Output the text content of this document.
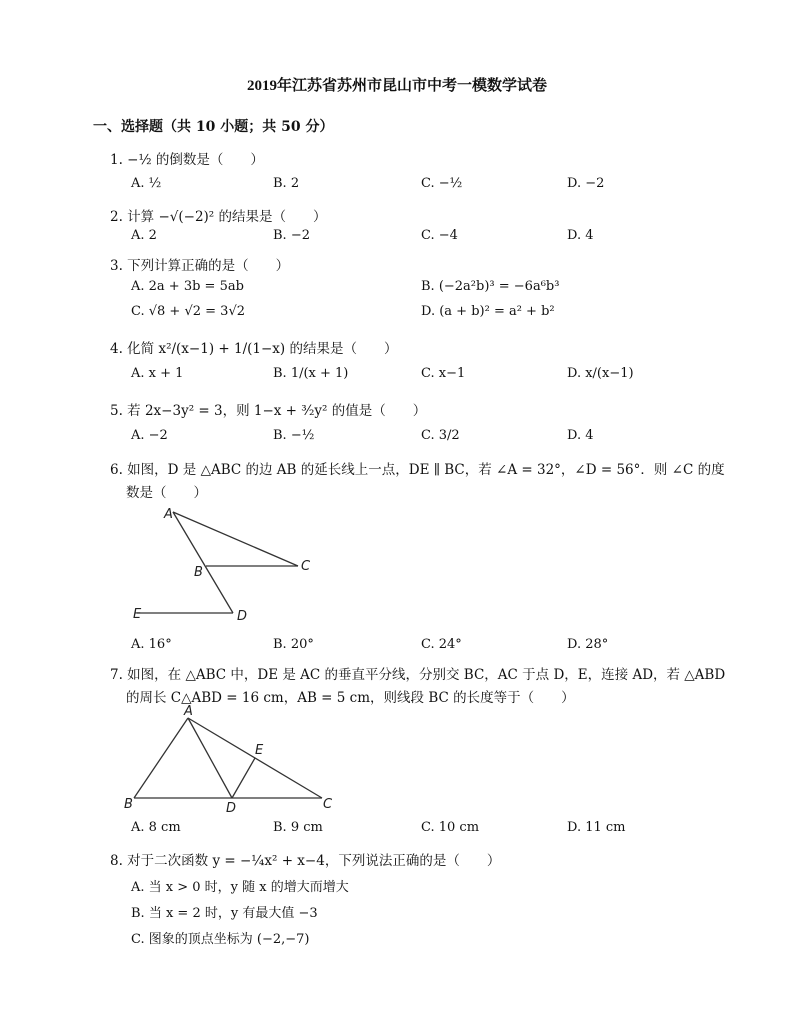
2019年江苏省苏州市昆山市中考一模数学试卷
一、选择题（共 10 小题；共 50 分）
1. −½ 的倒数是（　　）
A. ½	B. 2	C. −½	D. −2
2. 计算 −√(−2)² 的结果是（　　）
A. 2	B. −2	C. −4	D. 4
3. 下列计算正确的是（　　）
A. 2a + 3b = 5ab	B. (−2a²b)³ = −6a⁶b³
C. √8 + √2 = 3√2	D. (a + b)² = a² + b²
4. 化简 x²/(x−1) + 1/(1−x) 的结果是（　　）
A. x + 1	B. 1/(x + 1)	C. x−1	D. x/(x−1)
5. 若 2x−3y² = 3，则 1−x + ³⁄₂y² 的值是（　　）
A. −2	B. −½	C. 3/2	D. 4
6. 如图，D 是 △ABC 的边 AB 的延长线上一点，DE ∥ BC，若 ∠A = 32°，∠D = 56°．则 ∠C 的度
数是（　　）
A
B	C
E	D
A. 16°	B. 20°	C. 24°	D. 28°
7. 如图，在 △ABC 中，DE 是 AC 的垂直平分线，分别交 BC，AC 于点 D，E，连接 AD，若 △ABD
的周长 C△ABD = 16 cm，AB = 5 cm，则线段 BC 的长度等于（　　）
A
E
B	D	C
A. 8 cm	B. 9 cm	C. 10 cm	D. 11 cm
8. 对于二次函数 y = −¼x² + x−4，下列说法正确的是（　　）
A. 当 x > 0 时，y 随 x 的增大而增大
B. 当 x = 2 时，y 有最大值 −3
C. 图象的顶点坐标为 (−2,−7)
